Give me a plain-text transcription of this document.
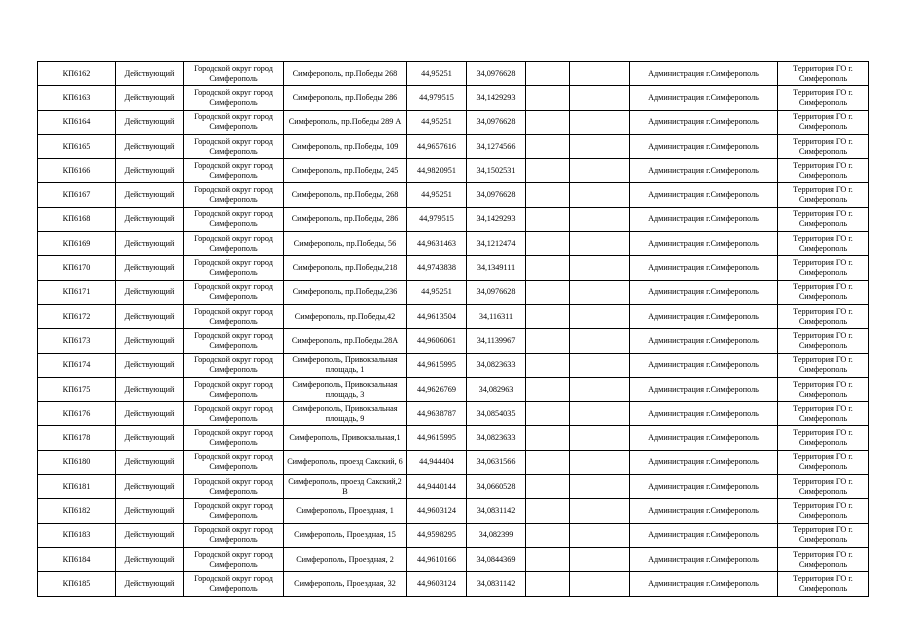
КП6162	Действующий	Городской округ город Симферополь	Симферополь, пр.Победы 268	44,95251	34,0976628			Администрация г.Симферополь	Территория ГО г. Симферополь
КП6163	Действующий	Городской округ город Симферополь	Симферополь, пр.Победы 286	44,979515	34,1429293			Администрация г.Симферополь	Территория ГО г. Симферополь
КП6164	Действующий	Городской округ город Симферополь	Симферополь, пр.Победы 289 А	44,95251	34,0976628			Администрация г.Симферополь	Территория ГО г. Симферополь
КП6165	Действующий	Городской округ город Симферополь	Симферополь, пр.Победы, 109	44,9657616	34,1274566			Администрация г.Симферополь	Территория ГО г. Симферополь
КП6166	Действующий	Городской округ город Симферополь	Симферополь, пр.Победы, 245	44,9820951	34,1502531			Администрация г.Симферополь	Территория ГО г. Симферополь
КП6167	Действующий	Городской округ город Симферополь	Симферополь, пр.Победы, 268	44,95251	34,0976628			Администрация г.Симферополь	Территория ГО г. Симферополь
КП6168	Действующий	Городской округ город Симферополь	Симферополь, пр.Победы, 286	44,979515	34,1429293			Администрация г.Симферополь	Территория ГО г. Симферополь
КП6169	Действующий	Городской округ город Симферополь	Симферополь, пр.Победы, 56	44,9631463	34,1212474			Администрация г.Симферополь	Территория ГО г. Симферополь
КП6170	Действующий	Городской округ город Симферополь	Симферополь, пр.Победы,218	44,9743838	34,1349111			Администрация г.Симферополь	Территория ГО г. Симферополь
КП6171	Действующий	Городской округ город Симферополь	Симферополь, пр.Победы,236	44,95251	34,0976628			Администрация г.Симферополь	Территория ГО г. Симферополь
КП6172	Действующий	Городской округ город Симферополь	Симферополь, пр.Победы,42	44,9613504	34,116311			Администрация г.Симферополь	Территория ГО г. Симферополь
КП6173	Действующий	Городской округ город Симферополь	Симферополь, пр.Победы.28А	44,9606061	34,1139967			Администрация г.Симферополь	Территория ГО г. Симферополь
КП6174	Действующий	Городской округ город Симферополь	Симферополь, Привокзальная площадь, 1	44,9615995	34,0823633			Администрация г.Симферополь	Территория ГО г. Симферополь
КП6175	Действующий	Городской округ город Симферополь	Симферополь, Привокзальная площадь, 3	44,9626769	34,082963			Администрация г.Симферополь	Территория ГО г. Симферополь
КП6176	Действующий	Городской округ город Симферополь	Симферополь, Привокзальная площадь, 9	44,9638787	34,0854035			Администрация г.Симферополь	Территория ГО г. Симферополь
КП6178	Действующий	Городской округ город Симферополь	Симферополь, Привокзальная,1	44,9615995	34,0823633			Администрация г.Симферополь	Территория ГО г. Симферополь
КП6180	Действующий	Городской округ город Симферополь	Симферополь, проезд Сакский, 6	44,944404	34,0631566			Администрация г.Симферополь	Территория ГО г. Симферополь
КП6181	Действующий	Городской округ город Симферополь	Симферополь, проезд Сакский,2 В	44,9440144	34,0660528			Администрация г.Симферополь	Территория ГО г. Симферополь
КП6182	Действующий	Городской округ город Симферополь	Симферополь, Проездная, 1	44,9603124	34,0831142			Администрация г.Симферополь	Территория ГО г. Симферополь
КП6183	Действующий	Городской округ город Симферополь	Симферополь, Проездная, 15	44,9598295	34,082399			Администрация г.Симферополь	Территория ГО г. Симферополь
КП6184	Действующий	Городской округ город Симферополь	Симферополь, Проездная, 2	44,9610166	34,0844369			Администрация г.Симферополь	Территория ГО г. Симферополь
КП6185	Действующий	Городской округ город Симферополь	Симферополь, Проездная, 32	44,9603124	34,0831142			Администрация г.Симферополь	Территория ГО г. Симферополь
